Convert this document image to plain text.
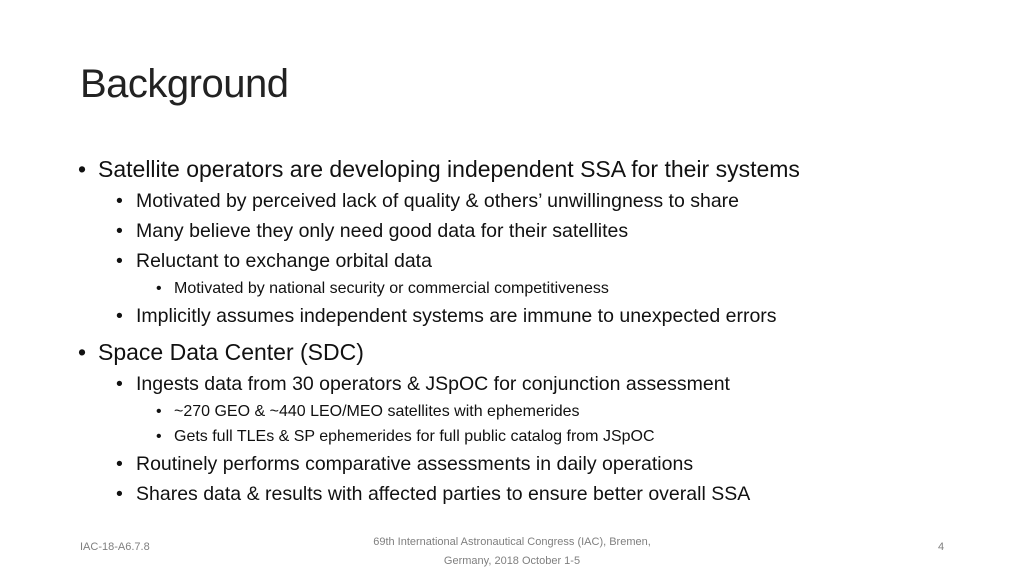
Background
• Satellite operators are developing independent SSA for their systems
• Motivated by perceived lack of quality & others’ unwillingness to share
• Many believe they only need good data for their satellites
• Reluctant to exchange orbital data
• Motivated by national security or commercial competitiveness
• Implicitly assumes independent systems are immune to unexpected errors
• Space Data Center (SDC)
• Ingests data from 30 operators & JSpOC for conjunction assessment
• ~270 GEO & ~440 LEO/MEO satellites with ephemerides
• Gets full TLEs & SP ephemerides for full public catalog from JSpOC
• Routinely performs comparative assessments in daily operations
• Shares data & results with affected parties to ensure better overall SSA
IAC-18-A6.7.8	69th International Astronautical Congress (IAC), Bremen,
Germany, 2018 October 1-5
4
